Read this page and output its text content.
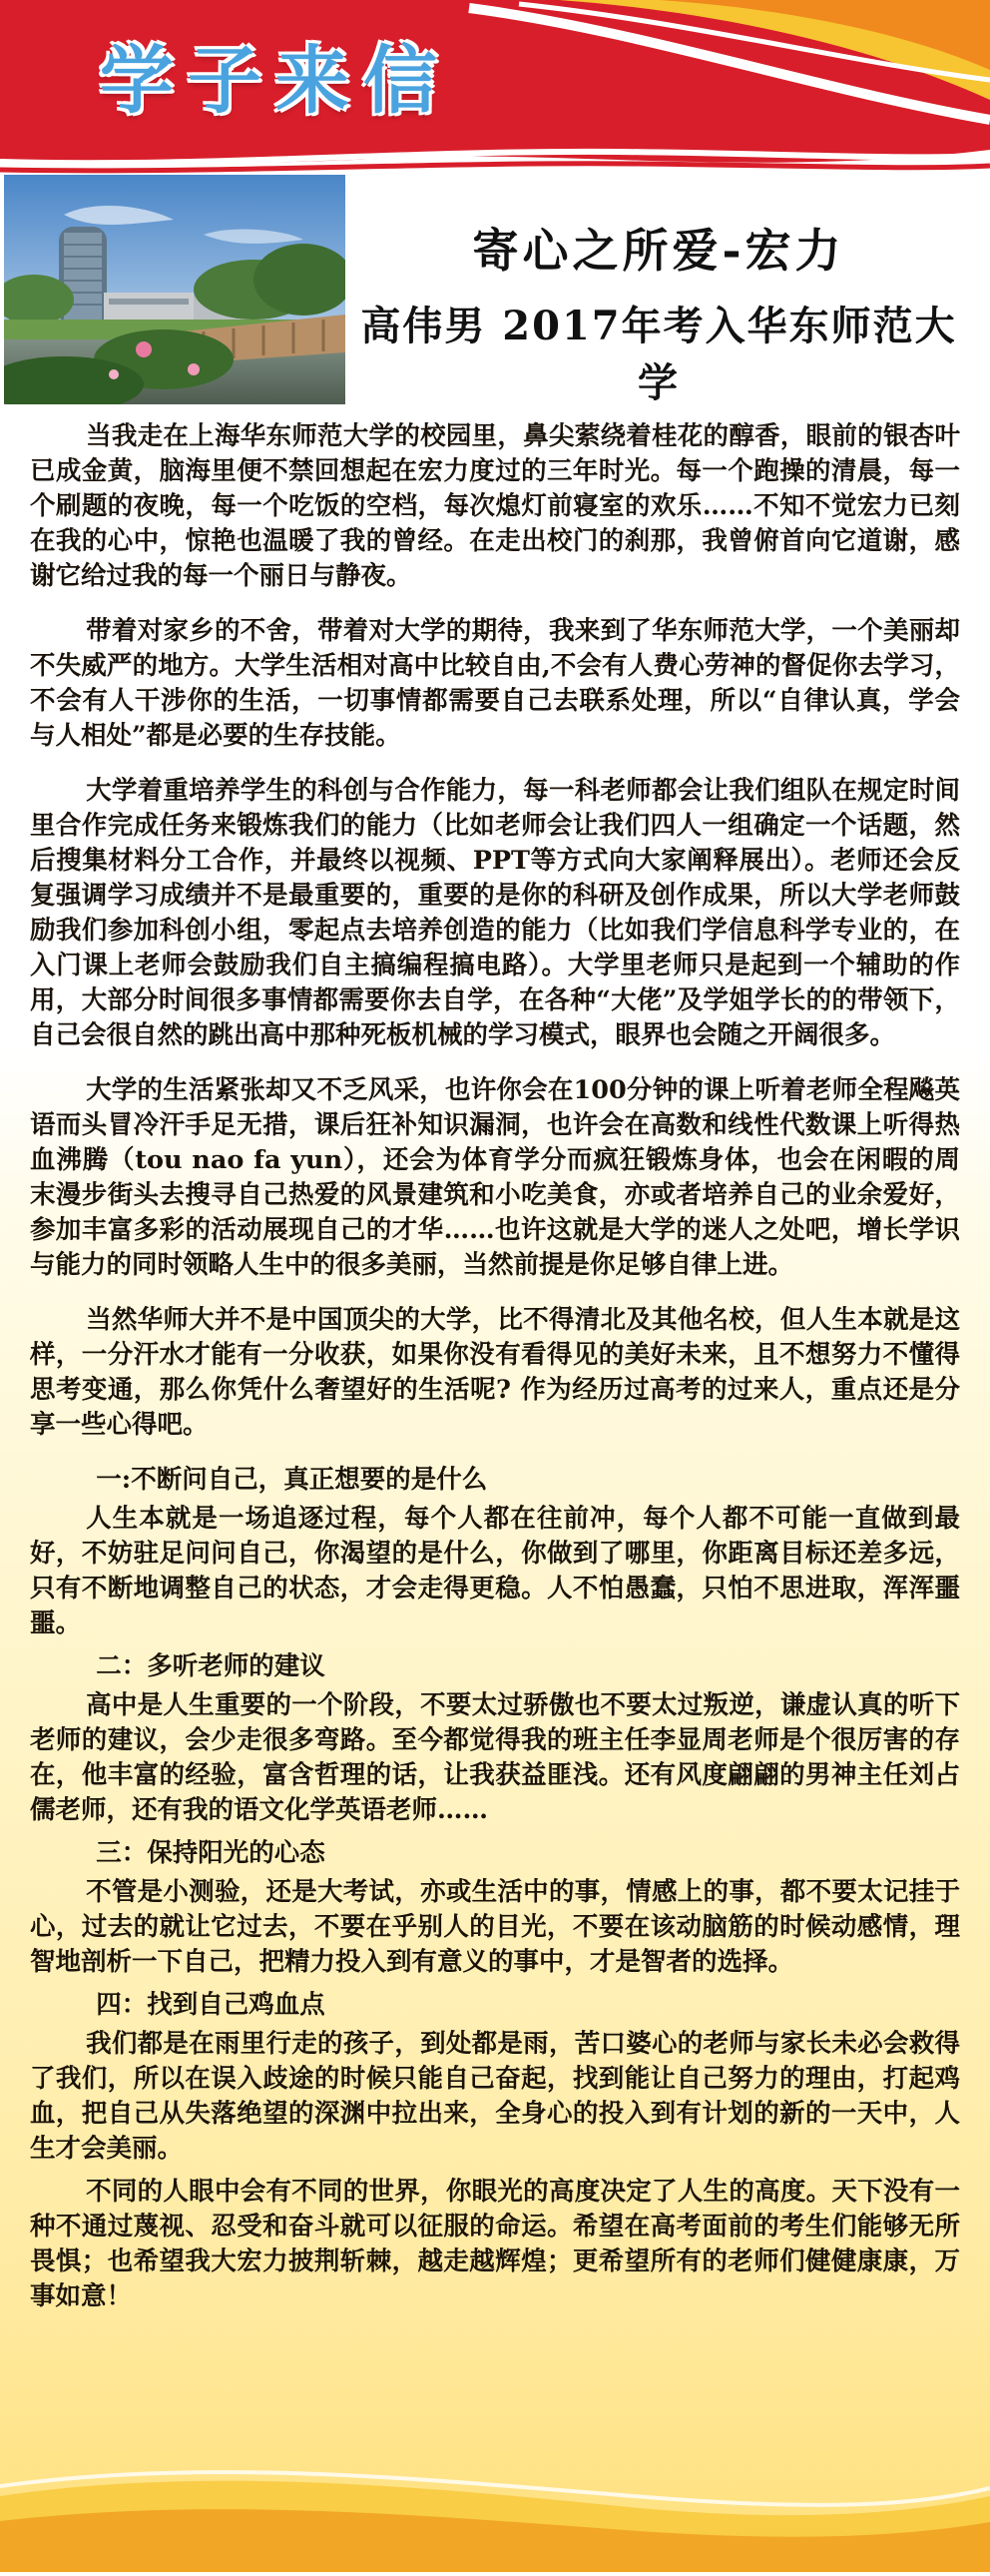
学子来信
寄心之所爱-宏力
高伟男 2017年考入华东师范大学

当我走在上海华东师范大学的校园里，鼻尖萦绕着桂花的醇香，眼前的银杏叶已成金黄，脑海里便不禁回想起在宏力度过的三年时光。每一个跑操的清晨，每一个刷题的夜晚，每一个吃饭的空档，每次熄灯前寝室的欢乐……不知不觉宏力已刻在我的心中，惊艳也温暖了我的曾经。在走出校门的刹那，我曾俯首向它道谢，感谢它给过我的每一个丽日与静夜。

带着对家乡的不舍，带着对大学的期待，我来到了华东师范大学，一个美丽却不失威严的地方。大学生活相对高中比较自由,不会有人费心劳神的督促你去学习，不会有人干涉你的生活，一切事情都需要自己去联系处理，所以“自律认真，学会与人相处”都是必要的生存技能。

大学着重培养学生的科创与合作能力，每一科老师都会让我们组队在规定时间里合作完成任务来锻炼我们的能力（比如老师会让我们四人一组确定一个话题，然后搜集材料分工合作，并最终以视频、PPT等方式向大家阐释展出）。老师还会反复强调学习成绩并不是最重要的，重要的是你的科研及创作成果，所以大学老师鼓励我们参加科创小组，零起点去培养创造的能力（比如我们学信息科学专业的，在入门课上老师会鼓励我们自主搞编程搞电路）。大学里老师只是起到一个辅助的作用，大部分时间很多事情都需要你去自学，在各种“大佬”及学姐学长的的带领下，自己会很自然的跳出高中那种死板机械的学习模式，眼界也会随之开阔很多。

大学的生活紧张却又不乏风采，也许你会在100分钟的课上听着老师全程飚英语而头冒冷汗手足无措，课后狂补知识漏洞，也许会在高数和线性代数课上听得热血沸腾（tou nao fa yun），还会为体育学分而疯狂锻炼身体，也会在闲暇的周末漫步街头去搜寻自己热爱的风景建筑和小吃美食，亦或者培养自己的业余爱好，参加丰富多彩的活动展现自己的才华……也许这就是大学的迷人之处吧，增长学识与能力的同时领略人生中的很多美丽，当然前提是你足够自律上进。

当然华师大并不是中国顶尖的大学，比不得清北及其他名校，但人生本就是这样，一分汗水才能有一分收获，如果你没有看得见的美好未来，且不想努力不懂得思考变通，那么你凭什么奢望好的生活呢? 作为经历过高考的过来人，重点还是分享一些心得吧。

一:不断问自己，真正想要的是什么

人生本就是一场追逐过程，每个人都在往前冲，每个人都不可能一直做到最好，不妨驻足问问自己，你渴望的是什么，你做到了哪里，你距离目标还差多远，只有不断地调整自己的状态，才会走得更稳。人不怕愚蠢，只怕不思进取，浑浑噩噩。

二：多听老师的建议

高中是人生重要的一个阶段，不要太过骄傲也不要太过叛逆，谦虚认真的听下老师的建议，会少走很多弯路。至今都觉得我的班主任李显周老师是个很厉害的存在，他丰富的经验，富含哲理的话，让我获益匪浅。还有风度翩翩的男神主任刘占儒老师，还有我的语文化学英语老师……

三：保持阳光的心态

不管是小测验，还是大考试，亦或生活中的事，情感上的事，都不要太记挂于心，过去的就让它过去，不要在乎别人的目光，不要在该动脑筋的时候动感情，理智地剖析一下自己，把精力投入到有意义的事中，才是智者的选择。

四：找到自己鸡血点

我们都是在雨里行走的孩子，到处都是雨，苦口婆心的老师与家长未必会救得了我们，所以在误入歧途的时候只能自己奋起，找到能让自己努力的理由，打起鸡血，把自己从失落绝望的深渊中拉出来，全身心的投入到有计划的新的一天中，人生才会美丽。

不同的人眼中会有不同的世界，你眼光的高度决定了人生的高度。天下没有一种不通过蔑视、忍受和奋斗就可以征服的命运。希望在高考面前的考生们能够无所畏惧；也希望我大宏力披荆斩棘，越走越辉煌；更希望所有的老师们健健康康，万事如意！
